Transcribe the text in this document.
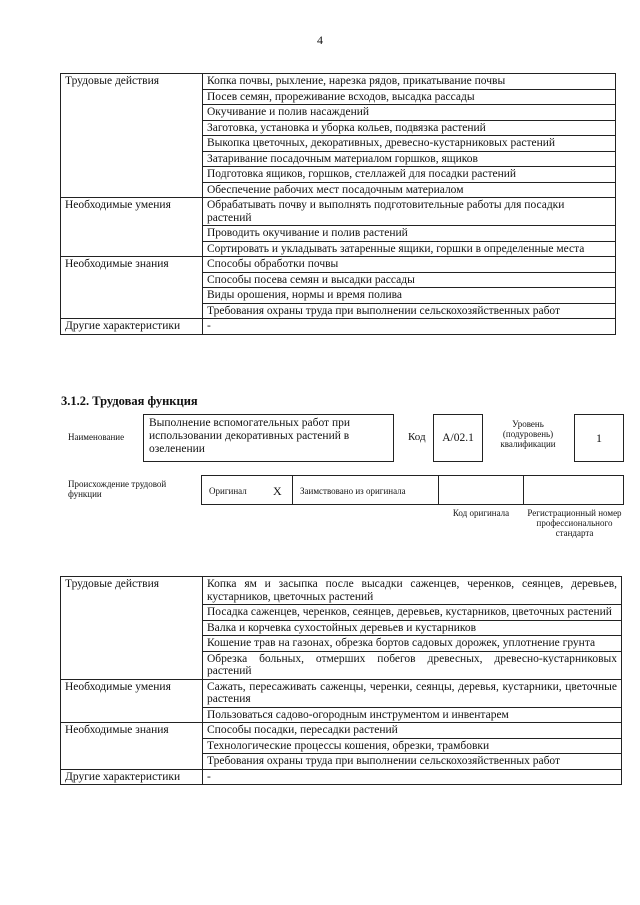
4
Трудовые действия	Копка почвы, рыхление, нарезка рядов, прикатывание почвы
	Посев семян, прореживание всходов, высадка рассады
	Окучивание и полив насаждений
	Заготовка, установка и уборка кольев, подвязка растений
	Выкопка цветочных, декоративных, древесно-кустарниковых растений
	Затаривание посадочным материалом горшков, ящиков
	Подготовка ящиков, горшков, стеллажей для посадки растений
	Обеспечение рабочих мест посадочным материалом
Необходимые умения	Обрабатывать почву и выполнять подготовительные работы для посадки растений
	Проводить окучивание и полив растений
	Сортировать и укладывать затаренные ящики, горшки в определенные места
Необходимые знания	Способы обработки почвы
	Способы посева семян и высадки рассады
	Виды орошения, нормы и время полива
	Требования охраны труда при выполнении сельскохозяйственных работ
Другие характеристики	-
3.1.2. Трудовая функция
Наименование
Выполнение вспомогательных работ при использовании декоративных растений в озеленении
Код A/02.1
Уровень (подуровень) квалификации	1
Происхождение трудовой функции	Оригинал X Заимствовано из оригинала
Код оригинала	Регистрационный номер профессионального стандарта
Трудовые действия	Копка ям и засыпка после высадки саженцев, черенков, сеянцев, деревьев, кустарников, цветочных растений
	Посадка саженцев, черенков, сеянцев, деревьев, кустарников, цветочных растений
	Валка и корчевка сухостойных деревьев и кустарников
	Кошение трав на газонах, обрезка бортов садовых дорожек, уплотнение грунта
	Обрезка больных, отмерших побегов древесных, древесно-кустарниковых растений
Необходимые умения	Сажать, пересаживать саженцы, черенки, сеянцы, деревья, кустарники, цветочные растения
	Пользоваться садово-огородным инструментом и инвентарем
Необходимые знания	Способы посадки, пересадки растений
	Технологические процессы кошения, обрезки, трамбовки
	Требования охраны труда при выполнении сельскохозяйственных работ
Другие характеристики	-
